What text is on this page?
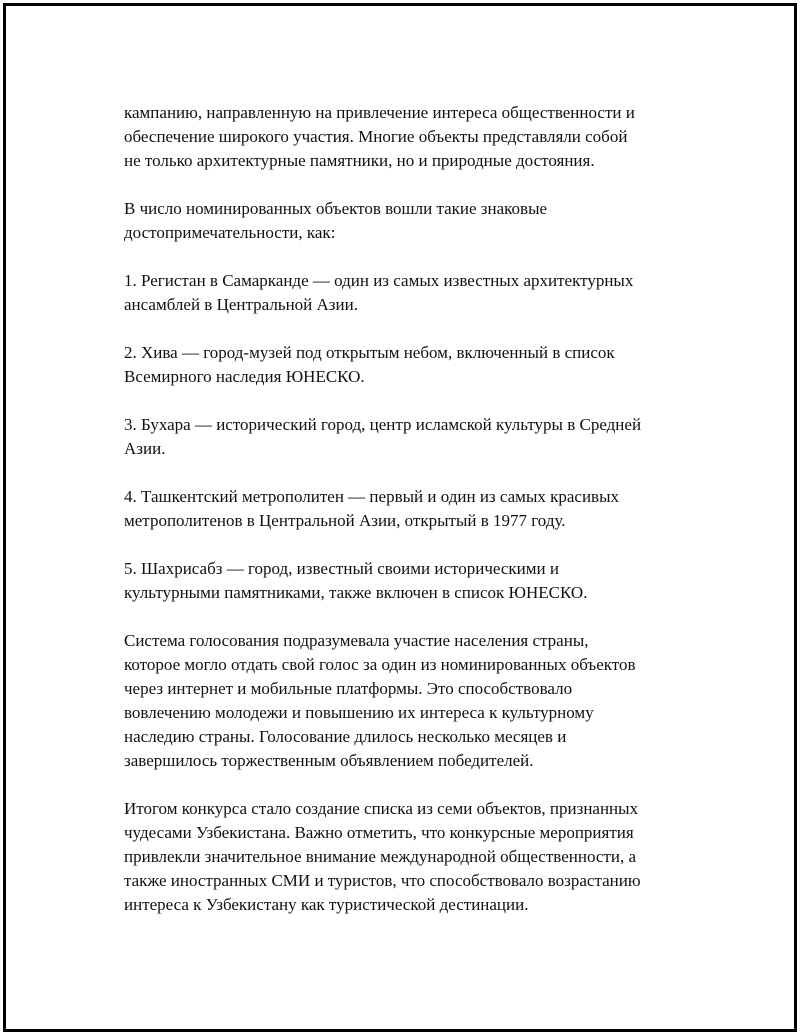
кампанию, направленную на привлечение интереса общественности и
обеспечение широкого участия. Многие объекты представляли собой
не только архитектурные памятники, но и природные достояния.

В число номинированных объектов вошли такие знаковые
достопримечательности, как:

1. Регистан в Самарканде — один из самых известных архитектурных
ансамблей в Центральной Азии.

2. Хива — город-музей под открытым небом, включенный в список
Всемирного наследия ЮНЕСКО.

3. Бухара — исторический город, центр исламской культуры в Средней
Азии.

4. Ташкентский метрополитен — первый и один из самых красивых
метрополитенов в Центральной Азии, открытый в 1977 году.

5. Шахрисабз — город, известный своими историческими и
культурными памятниками, также включен в список ЮНЕСКО.

Система голосования подразумевала участие населения страны,
которое могло отдать свой голос за один из номинированных объектов
через интернет и мобильные платформы. Это способствовало
вовлечению молодежи и повышению их интереса к культурному
наследию страны. Голосование длилось несколько месяцев и
завершилось торжественным объявлением победителей.

Итогом конкурса стало создание списка из семи объектов, признанных
чудесами Узбекистана. Важно отметить, что конкурсные мероприятия
привлекли значительное внимание международной общественности, а
также иностранных СМИ и туристов, что способствовало возрастанию
интереса к Узбекистану как туристической дестинации.
